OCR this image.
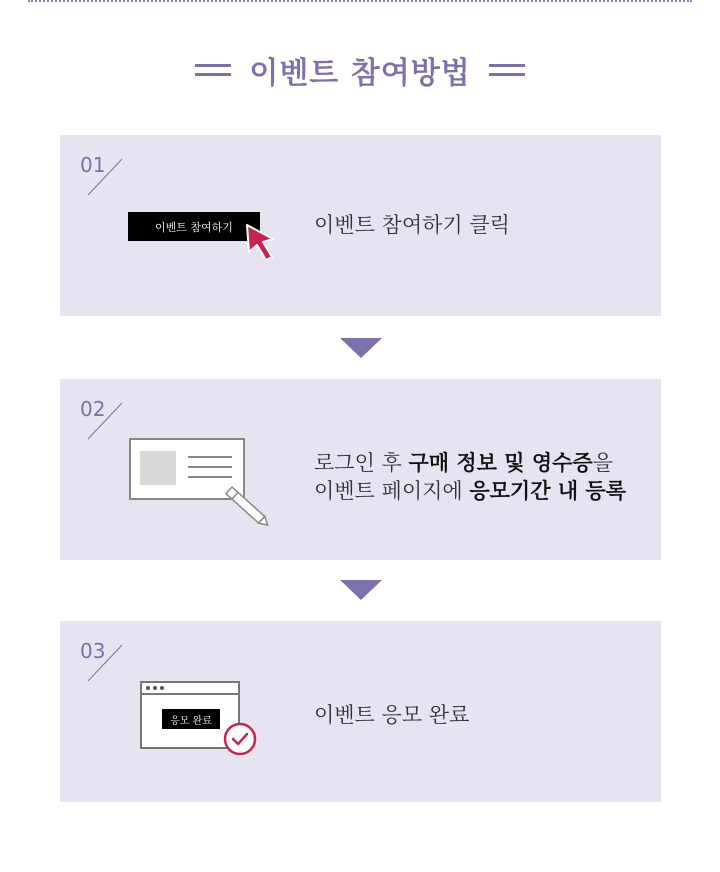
이벤트 참여방법
01
이벤트 참여하기	이벤트 참여하기 클릭
02
로그인 후 구매 정보 및 영수증을
이벤트 페이지에 응모기간 내 등록
03
응모 완료	이벤트 응모 완료
